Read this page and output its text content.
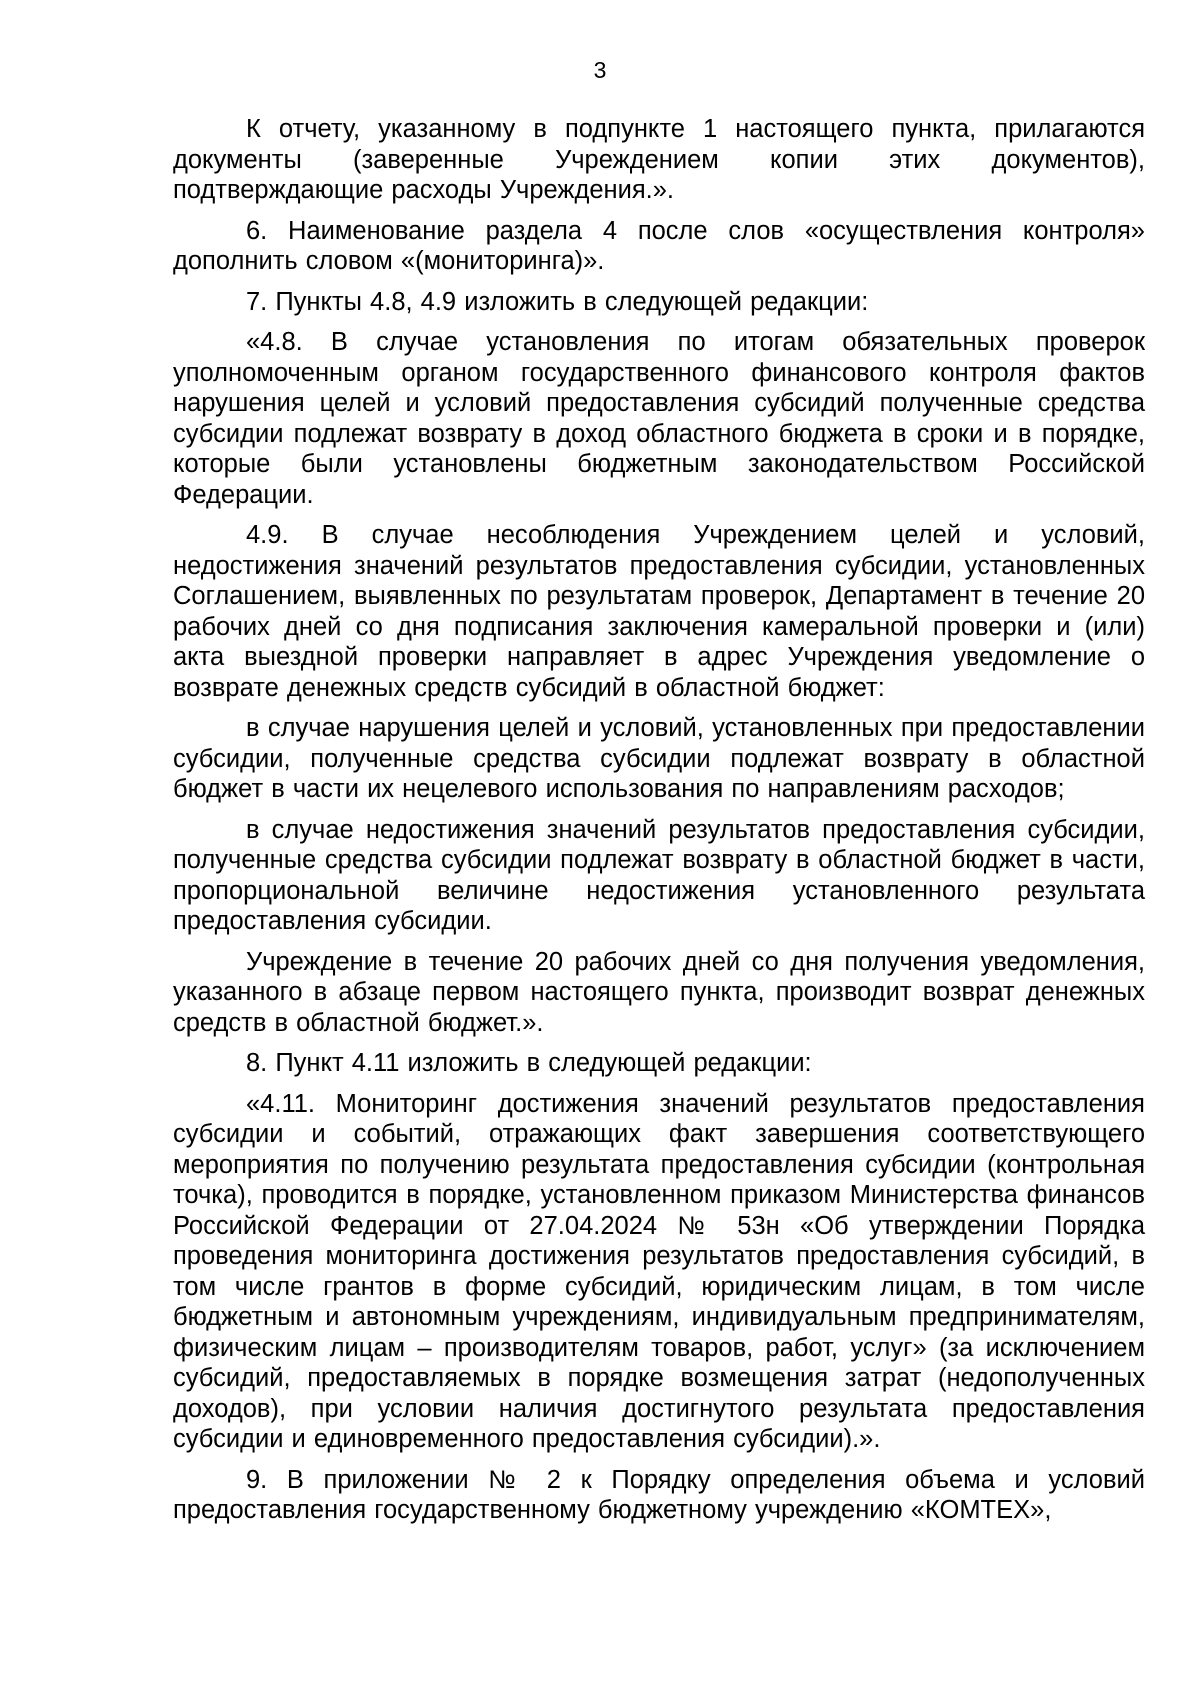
3

К отчету, указанному в подпункте 1 настоящего пункта, прилагаются документы (заверенные Учреждением копии этих документов), подтверждающие расходы Учреждения.».

6. Наименование раздела 4 после слов «осуществления контроля» дополнить словом «(мониторинга)».

7. Пункты 4.8, 4.9 изложить в следующей редакции:

«4.8. В случае установления по итогам обязательных проверок уполномоченным органом государственного финансового контроля фактов нарушения целей и условий предоставления субсидий полученные средства субсидии подлежат возврату в доход областного бюджета в сроки и в порядке, которые были установлены бюджетным законодательством Российской Федерации.

4.9. В случае несоблюдения Учреждением целей и условий, недостижения значений результатов предоставления субсидии, установленных Соглашением, выявленных по результатам проверок, Департамент в течение 20 рабочих дней со дня подписания заключения камеральной проверки и (или) акта выездной проверки направляет в адрес Учреждения уведомление о возврате денежных средств субсидий в областной бюджет:

в случае нарушения целей и условий, установленных при предоставлении субсидии, полученные средства субсидии подлежат возврату в областной бюджет в части их нецелевого использования по направлениям расходов;

в случае недостижения значений результатов предоставления субсидии, полученные средства субсидии подлежат возврату в областной бюджет в части, пропорциональной величине недостижения установленного результата предоставления субсидии.

Учреждение в течение 20 рабочих дней со дня получения уведомления, указанного в абзаце первом настоящего пункта, производит возврат денежных средств в областной бюджет.».

8. Пункт 4.11 изложить в следующей редакции:

«4.11. Мониторинг достижения значений результатов предоставления субсидии и событий, отражающих факт завершения соответствующего мероприятия по получению результата предоставления субсидии (контрольная точка), проводится в порядке, установленном приказом Министерства финансов Российской Федерации от 27.04.2024 № 53н «Об утверждении Порядка проведения мониторинга достижения результатов предоставления субсидий, в том числе грантов в форме субсидий, юридическим лицам, в том числе бюджетным и автономным учреждениям, индивидуальным предпринимателям, физическим лицам – производителям товаров, работ, услуг» (за исключением субсидий, предоставляемых в порядке возмещения затрат (недополученных доходов), при условии наличия достигнутого результата предоставления субсидии и единовременного предоставления субсидии).».

9. В приложении № 2 к Порядку определения объема и условий предоставления государственному бюджетному учреждению «КОМТЕХ»,
